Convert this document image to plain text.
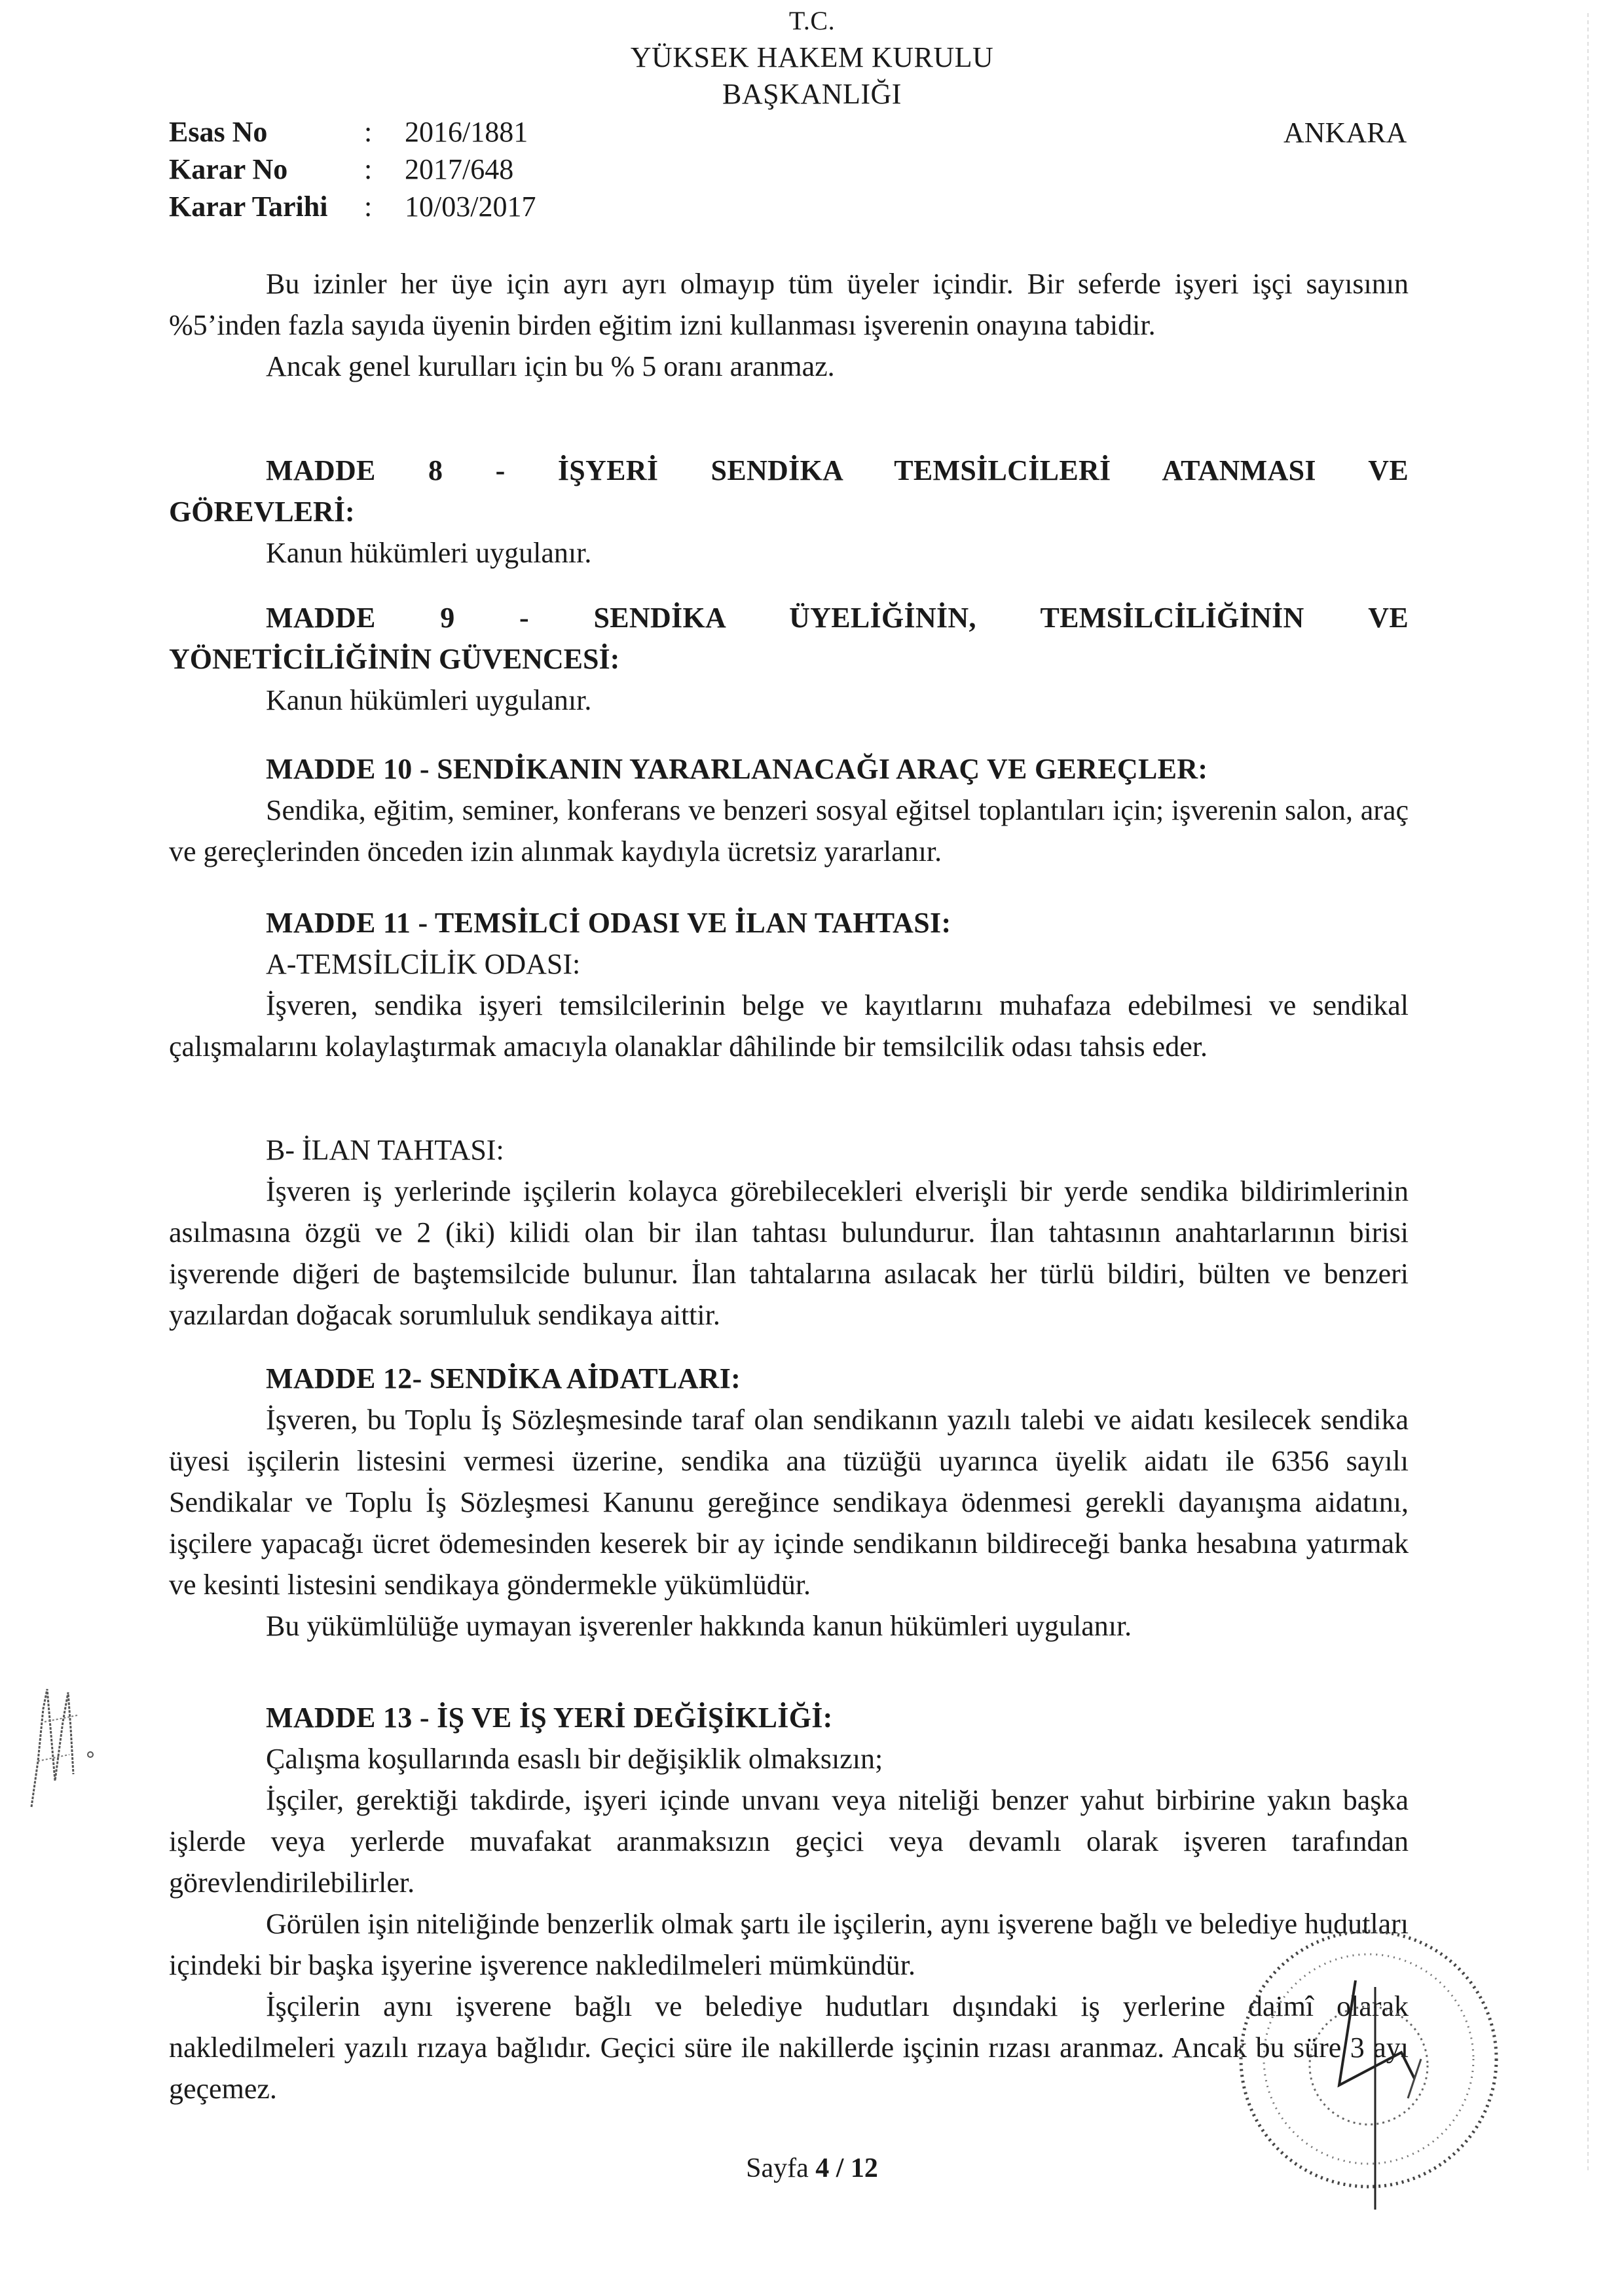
T.C.
YÜKSEK HAKEM KURULU
BAŞKANLIĞI
Esas No	:	2016/1881
Karar No	:	2017/648
Karar Tarihi	:	10/03/2017
ANKARA

Bu izinler her üye için ayrı ayrı olmayıp tüm üyeler içindir. Bir seferde işyeri işçi sayısının %5’inden fazla sayıda üyenin birden eğitim izni kullanması işverenin onayına tabidir.

Ancak genel kurulları için bu % 5 oranı aranmaz.

MADDE 8 - İŞYERİ SENDİKA TEMSİLCİLERİ ATANMASI VE

GÖREVLERİ:

Kanun hükümleri uygulanır.

MADDE 9 - SENDİKA ÜYELİĞİNİN, TEMSİLCİLİĞİNİN VE

YÖNETİCİLİĞİNİN GÜVENCESİ:

Kanun hükümleri uygulanır.

MADDE 10 - SENDİKANIN YARARLANACAĞI ARAÇ VE GEREÇLER:

Sendika, eğitim, seminer, konferans ve benzeri sosyal eğitsel toplantıları için; işverenin salon, araç ve gereçlerinden önceden izin alınmak kaydıyla ücretsiz yararlanır.

MADDE 11 - TEMSİLCİ ODASI VE İLAN TAHTASI:

A-TEMSİLCİLİK ODASI:

İşveren, sendika işyeri temsilcilerinin belge ve kayıtlarını muhafaza edebilmesi ve sendikal çalışmalarını kolaylaştırmak amacıyla olanaklar dâhilinde bir temsilcilik odası tahsis eder.

B- İLAN TAHTASI:

İşveren iş yerlerinde işçilerin kolayca görebilecekleri elverişli bir yerde sendika bildirimlerinin asılmasına özgü ve 2 (iki) kilidi olan bir ilan tahtası bulundurur. İlan tahtasının anahtarlarının birisi işverende diğeri de baştemsilcide bulunur. İlan tahtalarına asılacak her türlü bildiri, bülten ve benzeri yazılardan doğacak sorumluluk sendikaya aittir.

MADDE 12- SENDİKA AİDATLARI:

İşveren, bu Toplu İş Sözleşmesinde taraf olan sendikanın yazılı talebi ve aidatı kesilecek sendika üyesi işçilerin listesini vermesi üzerine, sendika ana tüzüğü uyarınca üyelik aidatı ile 6356 sayılı Sendikalar ve Toplu İş Sözleşmesi Kanunu gereğince sendikaya ödenmesi gerekli dayanışma aidatını, işçilere yapacağı ücret ödemesinden keserek bir ay içinde sendikanın bildireceği banka hesabına yatırmak ve kesinti listesini sendikaya göndermekle yükümlüdür.

Bu yükümlülüğe uymayan işverenler hakkında kanun hükümleri uygulanır.

MADDE 13 - İŞ VE İŞ YERİ DEĞİŞİKLİĞİ:

Çalışma koşullarında esaslı bir değişiklik olmaksızın;

İşçiler, gerektiği takdirde, işyeri içinde unvanı veya niteliği benzer yahut birbirine yakın başka işlerde veya yerlerde muvafakat aranmaksızın geçici veya devamlı olarak işveren tarafından görevlendirilebilirler.

Görülen işin niteliğinde benzerlik olmak şartı ile işçilerin, aynı işverene bağlı ve belediye hudutları içindeki bir başka işyerine işverence nakledilmeleri mümkündür.

İşçilerin aynı işverene bağlı ve belediye hudutları dışındaki iş yerlerine daimî olarak nakledilmeleri yazılı rızaya bağlıdır. Geçici süre ile nakillerde işçinin rızası aranmaz. Ancak bu süre 3 ayı geçemez.

Sayfa 4 / 12
